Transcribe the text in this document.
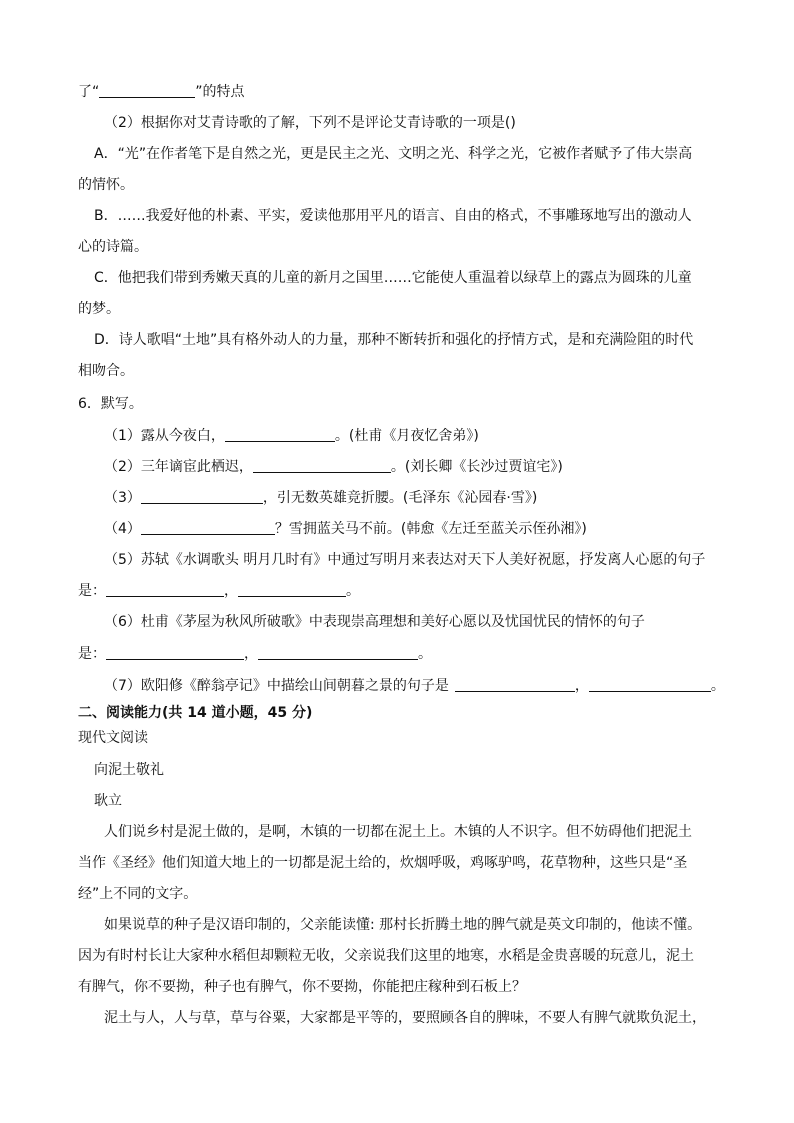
了“	”的特点
（2）根据你对艾青诗歌的了解，下列不是评论艾青诗歌的一项是()
A．“光”在作者笔下是自然之光，更是民主之光、文明之光、科学之光，它被作者赋予了伟大崇高
的情怀。
B．……我爱好他的朴素、平实，爱读他那用平凡的语言、自由的格式，不事雕琢地写出的激动人
心的诗篇。
C．他把我们带到秀嫩天真的儿童的新月之国里……它能使人重温着以绿草上的露点为圆珠的儿童
的梦。
D．诗人歌唱“土地”具有格外动人的力量，那种不断转折和强化的抒情方式，是和充满险阻的时代
相吻合。
6．默写。
（1）露从今夜白，	。(杜甫《月夜忆舍弟》)
（2）三年谪宦此栖迟，	。(刘长卿《长沙过贾谊宅》)
（3）	，引无数英雄竞折腰。(毛泽东《沁园春·雪》)
（4）	？雪拥蓝关马不前。(韩愈《左迁至蓝关示侄孙湘》)
（5）苏轼《水调歌头 明月几时有》中通过写明月来表达对天下人美好祝愿，抒发离人心愿的句子
是：	，	。
（6）杜甫《茅屋为秋风所破歌》中表现崇高理想和美好心愿以及忧国忧民的情怀的句子
是：	，	。
（7）欧阳修《醉翁亭记》中描绘山间朝暮之景的句子是	，	。
二、阅读能力(共 14 道小题，45 分)
现代文阅读
向泥土敬礼
耿立
人们说乡村是泥土做的，是啊，木镇的一切都在泥土上。木镇的人不识字。但不妨碍他们把泥土
当作《圣经》他们知道大地上的一切都是泥土给的，炊烟呼吸，鸡啄驴鸣，花草物种，这些只是“圣
经”上不同的文字。
如果说草的种子是汉语印制的，父亲能读懂: 那村长折腾土地的脾气就是英文印制的，他读不懂。
因为有时村长让大家种水稻但却颗粒无收，父亲说我们这里的地寒，水稻是金贵喜暖的玩意儿，泥土
有脾气，你不要拗，种子也有脾气，你不要拗，你能把庄稼种到石板上？
泥土与人，人与草，草与谷粟，大家都是平等的，要照顾各自的脾味，不要人有脾气就欺负泥土，
